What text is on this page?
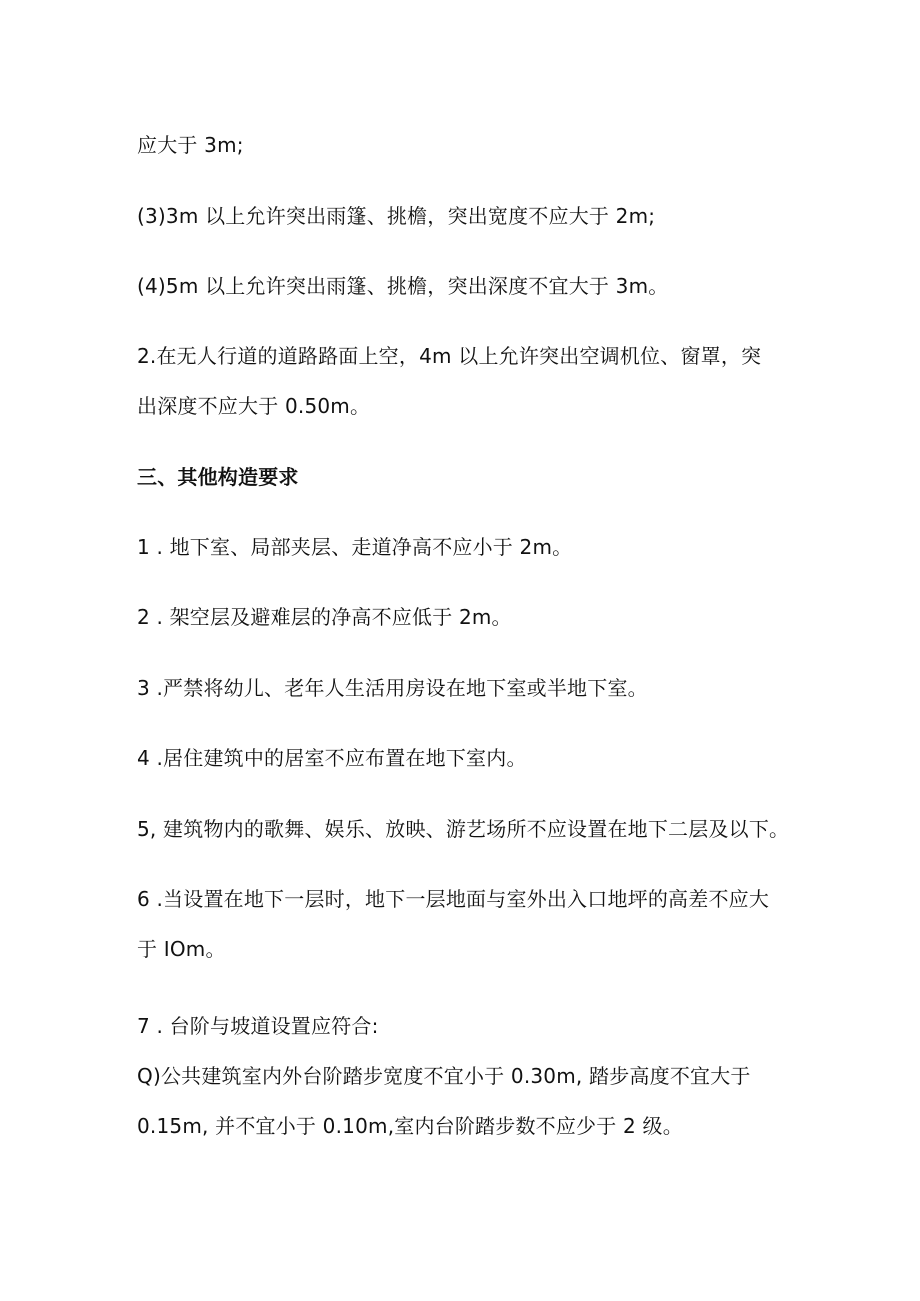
应大于 3m;
(3)3m 以上允许突出雨篷、挑檐，突出宽度不应大于 2m;
(4)5m 以上允许突出雨篷、挑檐，突出深度不宜大于 3m。
2.在无人行道的道路路面上空，4m 以上允许突出空调机位、窗罩，突
出深度不应大于 0.50m。
三、其他构造要求
1 . 地下室、局部夹层、走道净高不应小于 2m。
2 . 架空层及避难层的净高不应低于 2m。
3 .严禁将幼儿、老年人生活用房设在地下室或半地下室。
4 .居住建筑中的居室不应布置在地下室内。
5, 建筑物内的歌舞、娱乐、放映、游艺场所不应设置在地下二层及以下。
6 .当设置在地下一层时，地下一层地面与室外出入口地坪的高差不应大
于 IOm。
7 . 台阶与坡道设置应符合:
Q)公共建筑室内外台阶踏步宽度不宜小于 0.30m, 踏步高度不宜大于
0.15m, 并不宜小于 0.10m,室内台阶踏步数不应少于 2 级。
